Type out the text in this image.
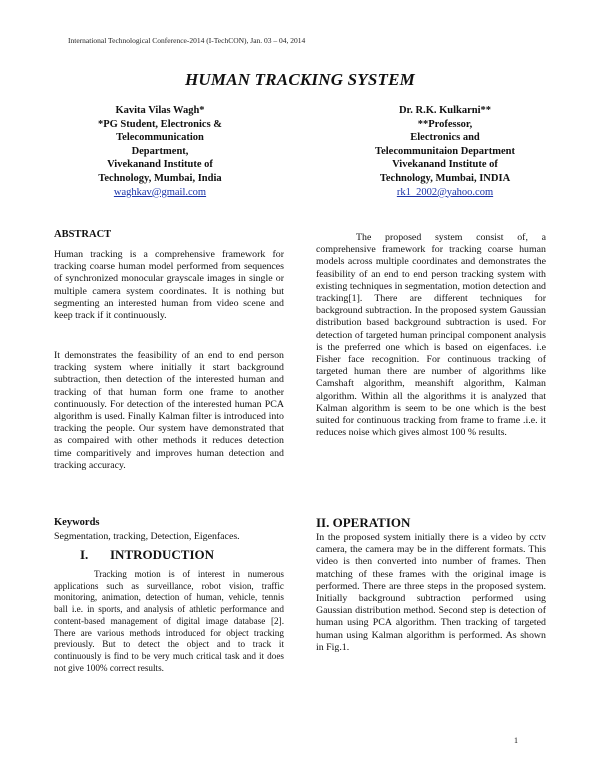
International Technological Conference-2014 (I-TechCON), Jan. 03 – 04, 2014
HUMAN TRACKING SYSTEM
Kavita Vilas Wagh*
*PG Student, Electronics &
Telecommunication
Department,
Vivekanand Institute of
Technology, Mumbai, India
waghkav@gmail.com
Dr. R.K. Kulkarni**
**Professor,
Electronics and
Telecommunitaion Department
Vivekanand Institute of
Technology, Mumbai, INDIA
rk1_2002@yahoo.com
ABSTRACT

Human tracking is a comprehensive framework for tracking coarse human model performed from sequences of synchronized monocular grayscale images in single or multiple camera system coordinates. It is nothing but segmenting an interested human from video scene and keep track if it continuously.

It demonstrates the feasibility of an end to end person tracking system where initially it start background subtraction, then detection of the interested human and tracking of that human form one frame to another continuously. For detection of the interested human PCA algorithm is used. Finally Kalman filter is introduced into tracking the people. Our system have demonstrated that as compaired with other methods it reduces detection time comparitively and improves human detection and tracking accuracy.

Keywords
Segmentation, tracking, Detection, Eigenfaces.
I. INTRODUCTION

Tracking motion is of interest in numerous applications such as surveillance, robot vision, traffic monitoring, animation, detection of human, vehicle, tennis ball i.e. in sports, and analysis of athletic performance and content-based management of digital image database [2]. There are various methods introduced for object tracking previously. But to detect the object and to track it continuously is find to be very much critical task and it does not give 100% correct results.

The proposed system consist of, a comprehensive framework for tracking coarse human models across multiple coordinates and demonstrates the feasibility of an end to end person tracking system with existing techniques in segmentation, motion detection and tracking[1]. There are different techniques for background subtraction. In the proposed system Gaussian distribution based background subtraction is used. For detection of targeted human principal component analysis is the preferred one which is based on eigenfaces. i.e Fisher face recognition. For continuous tracking of targeted human there are number of algorithms like Camshaft algorithm, meanshift algorithm, Kalman algorithm. Within all the algorithms it is analyzed that Kalman algorithm is seem to be one which is the best suited for continuous tracking from frame to frame .i.e. it reduces noise which gives almost 100 % results.

II. OPERATION

In the proposed system initially there is a video by cctv camera, the camera may be in the different formats. This video is then converted into number of frames. Then matching of these frames with the original image is performed. There are three steps in the proposed system. Initially background subtraction performed using Gaussian distribution method. Second step is detection of human using PCA algorithm. Then tracking of targeted human using Kalman algorithm is performed. As shown in Fig.1.

1
